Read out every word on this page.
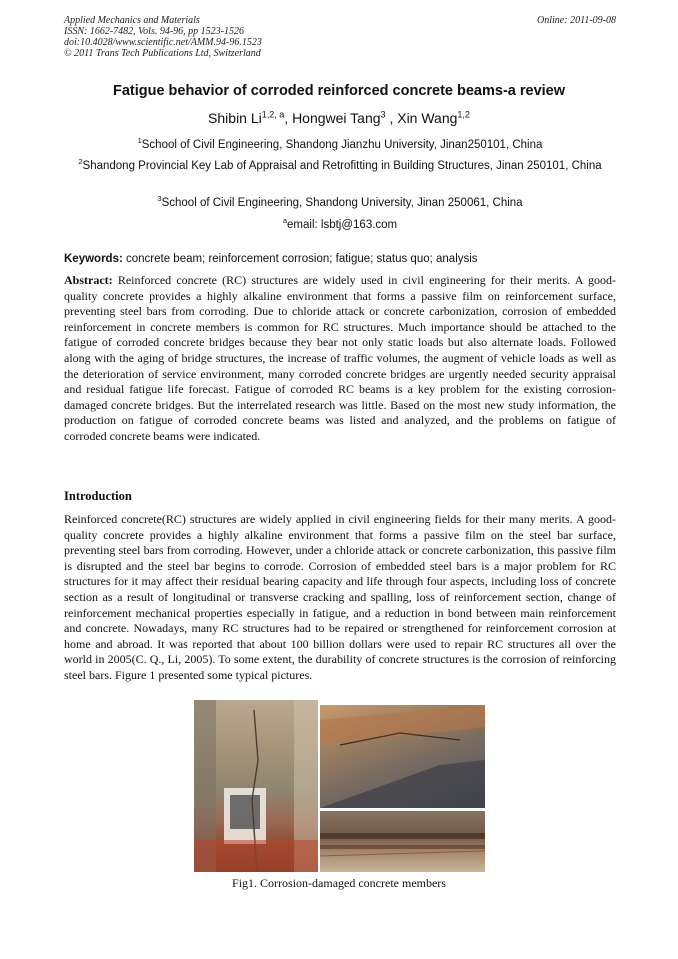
Applied Mechanics and Materials
ISSN: 1662-7482, Vols. 94-96, pp 1523-1526
doi:10.4028/www.scientific.net/AMM.94-96.1523
© 2011 Trans Tech Publications Ltd, Switzerland
Online: 2011-09-08
Fatigue behavior of corroded reinforced concrete beams-a review
Shibin Li$^{1,2, a}$, Hongwei Tang$^3$ , Xin Wang$^{1,2}$
$^1$School of Civil Engineering, Shandong Jianzhu University, Jinan250101, China
$^2$Shandong Provincial Key Lab of Appraisal and Retrofitting in Building Structures, Jinan 250101, China
$^3$School of Civil Engineering, Shandong University, Jinan 250061, China
$^a$email: lsbtj@163.com
Keywords: concrete beam; reinforcement corrosion; fatigue; status quo; analysis
Abstract: Reinforced concrete (RC) structures are widely used in civil engineering for their merits. A good-quality concrete provides a highly alkaline environment that forms a passive film on reinforcement surface, preventing steel bars from corroding. Due to chloride attack or concrete carbonization, corrosion of embedded reinforcement in concrete members is common for RC structures. Much importance should be attached to the fatigue of corroded concrete bridges because they bear not only static loads but also alternate loads. Followed along with the aging of bridge structures, the increase of traffic volumes, the augment of vehicle loads as well as the deterioration of service environment, many corroded concrete bridges are urgently needed security appraisal and residual fatigue life forecast. Fatigue of corroded RC beams is a key problem for the existing corrosion-damaged concrete bridges. But the interrelated research was little. Based on the most new study information, the production on fatigue of corroded concrete beams was listed and analyzed, and the problems on fatigue of corroded concrete beams were indicated.
Introduction
Reinforced concrete(RC) structures are widely applied in civil engineering fields for their many merits. A good-quality concrete provides a highly alkaline environment that forms a passive film on the steel bar surface, preventing steel bars from corroding. However, under a chloride attack or concrete carbonization, this passive film is disrupted and the steel bar begins to corrode. Corrosion of embedded steel bars is a major problem for RC structures for it may affect their residual bearing capacity and life through four aspects, including loss of concrete section as a result of longitudinal or transverse cracking and spalling, loss of reinforcement section, change of reinforcement mechanical properties especially in fatigue, and a reduction in bond between main reinforcement and concrete. Nowadays, many RC structures had to be repaired or strengthened for reinforcement corrosion at home and abroad. It was reported that about 100 billion dollars were used to repair RC structures all over the world in 2005(C. Q., Li, 2005). To some extent, the durability of concrete structures is the corrosion of reinforcing steel bars. Figure 1 presented some typical pictures.
Fig1. Corrosion-damaged concrete members
